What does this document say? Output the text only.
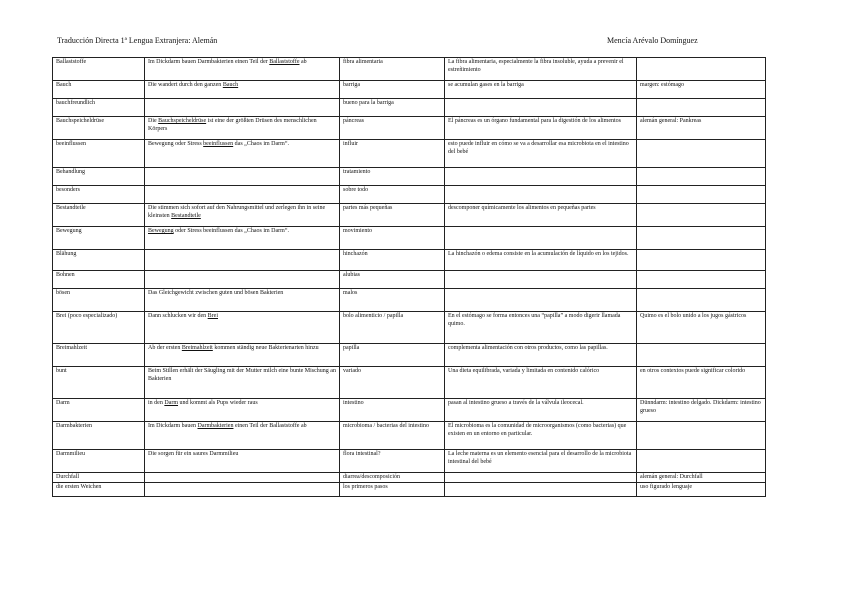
Traducción Directa 1ª Lengua Extranjera: Alemán	Mencía Arévalo Domínguez
Ballaststoffe	Im Dickdarm bauen Darmbakterien einen Teil der Ballaststoffe ab	fibra alimentaria	La fibra alimentaria, especialmente la fibra insoluble, ayuda a prevenir el estreñimiento	
Bauch	Die wandert durch den ganzen Bauch	barriga	se acumulan gases en la barriga	margen: estómago
bauchfreundlich		bueno para la barriga		
Bauchspeicheldrüse	Die Bauchspeicheldrüse ist eine der größten Drüsen des menschlichen Körpers	páncreas	El páncreas es un órgano fundamental para la digestión de los alimentos	alemán general: Pankreas
beeinflussen	Bewegung oder Stress beeinflussen das „Chaos im Darm“.	influir	esto puede influir en cómo se va a desarrollar esa microbiota en el intestino del bebé	
Behandlung		tratamiento		
besonders		sobre todo		
Bestandteile	Die stimmen sich sofort auf den Nahrungsmittel und zerlegen ihn in seine kleinsten Bestandteile	partes más pequeñas	descomponer químicamente los alimentos en pequeñas partes	
Bewegung	Bewegung oder Stress beeinflussen das „Chaos im Darm“.	movimiento		
Blähung		hinchazón	La hinchazón o edema consiste en la acumulación de líquido en los tejidos.	
Bohnen		alubias		
bösen	Das Gleichgewicht zwischen guten und bösen Bakterien	malos		
Brei (poco especializado)	Dann schlucken wir den Brei	bolo alimenticio / papilla	En el estómago se forma entonces una “papilla” a modo digerir llamada quimo.	Quimo es el bolo unido a los jugos gástricos
Breimahlzeit	Ab der ersten Breimahlzeit kommen ständig neue Bakterienarten hinzu	papilla	complementa alimentación con otros productos, como las papillas.	
bunt	Beim Stillen erhält der Säugling mit der Mutter milch eine bunte Mischung an Bakterien	variado	Una dieta equilibrada, variada y limitada en contenido calórico	en otros contextos puede significar colorido
Darm	in den Darm und kommt als Pups wieder raus	intestino	pasan al intestino grueso a través de la válvula ileocecal.	Dünndarm: intestino delgado. Dickdarm: intestino grueso
Darmbakterien	Im Dickdarm bauen Darmbakterien einen Teil der Ballaststoffe ab	microbioma / bacterias del intestino	El microbioma es la comunidad de microorganismos (como bacterias) que existen en un entorno en particular.	
Darmmilieu	Die sorgen für ein saures Darmmilieu	flora intestinal?	La leche materna es un elemento esencial para el desarrollo de la microbiota intestinal del bebé	
Durchfall		diarrea/descomposición		alemán general: Durchfall
die ersten Weichen		los primeros pasos		uso figurado lenguaje
